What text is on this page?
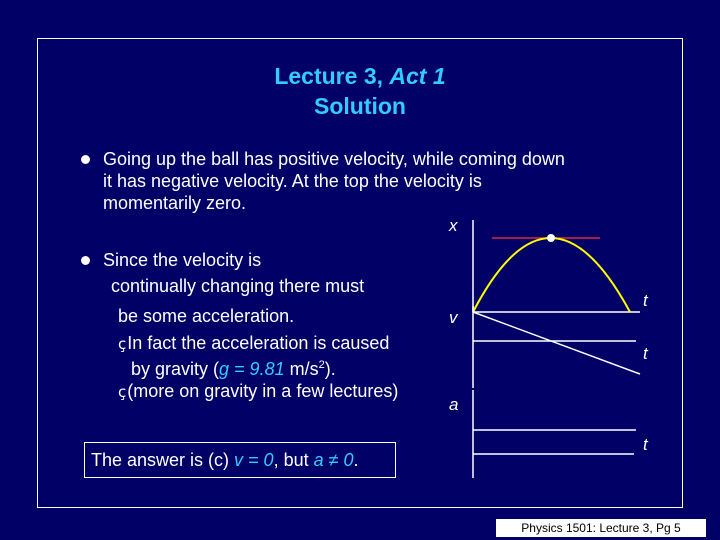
Lecture 3, Act 1
Solution
Going up the ball has positive velocity, while coming down
it has negative velocity. At the top the velocity is
momentarily zero.
Since the velocity is
continually changing there must
be some acceleration.
çIn fact the acceleration is caused
by gravity (g = 9.81 $m/s^2$).
ç(more on gravity in a few lectures)
The answer is (c) v = 0, but a ≠ 0.
x
t
v
t
a
t
Physics 1501: Lecture 3, Pg 5
